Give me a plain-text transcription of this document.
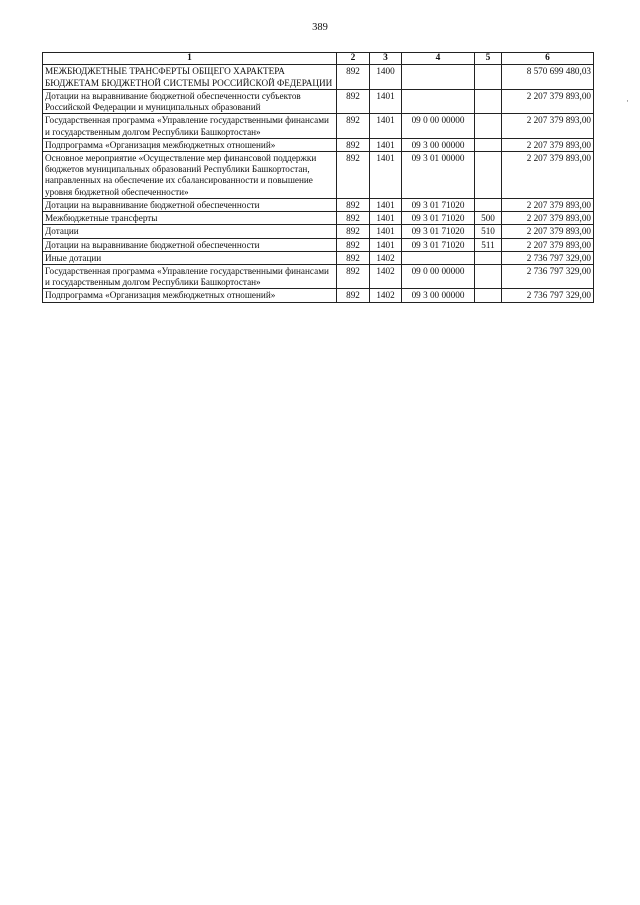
389
·
1	2	3	4	5	6
МЕЖБЮДЖЕТНЫЕ ТРАНСФЕРТЫ ОБЩЕГО ХАРАКТЕРА БЮДЖЕТАМ БЮДЖЕТНОЙ СИСТЕМЫ РОССИЙСКОЙ ФЕДЕРАЦИИ	892	1400			8 570 699 480,03
Дотации на выравнивание бюджетной обеспеченности субъектов Российской Федерации и муниципальных образований	892	1401			2 207 379 893,00
Государственная программа «Управление государственными финансами и государственным долгом Республики Башкортостан»	892	1401	09 0 00 00000		2 207 379 893,00
Подпрограмма «Организация межбюджетных отношений»	892	1401	09 3 00 00000		2 207 379 893,00
Основное мероприятие «Осуществление мер финансовой поддержки бюджетов муниципальных образований Республики Башкортостан, направленных на обеспечение их сбалансированности и повышение уровня бюджетной обеспеченности»	892	1401	09 3 01 00000		2 207 379 893,00
Дотации на выравнивание бюджетной обеспеченности	892	1401	09 3 01 71020		2 207 379 893,00
Межбюджетные трансферты	892	1401	09 3 01 71020	500	2 207 379 893,00
Дотации	892	1401	09 3 01 71020	510	2 207 379 893,00
Дотации на выравнивание бюджетной обеспеченности	892	1401	09 3 01 71020	511	2 207 379 893,00
Иные дотации	892	1402			2 736 797 329,00
Государственная программа «Управление государственными финансами и государственным долгом Республики Башкортостан»	892	1402	09 0 00 00000		2 736 797 329,00
Подпрограмма «Организация межбюджетных отношений»	892	1402	09 3 00 00000		2 736 797 329,00
